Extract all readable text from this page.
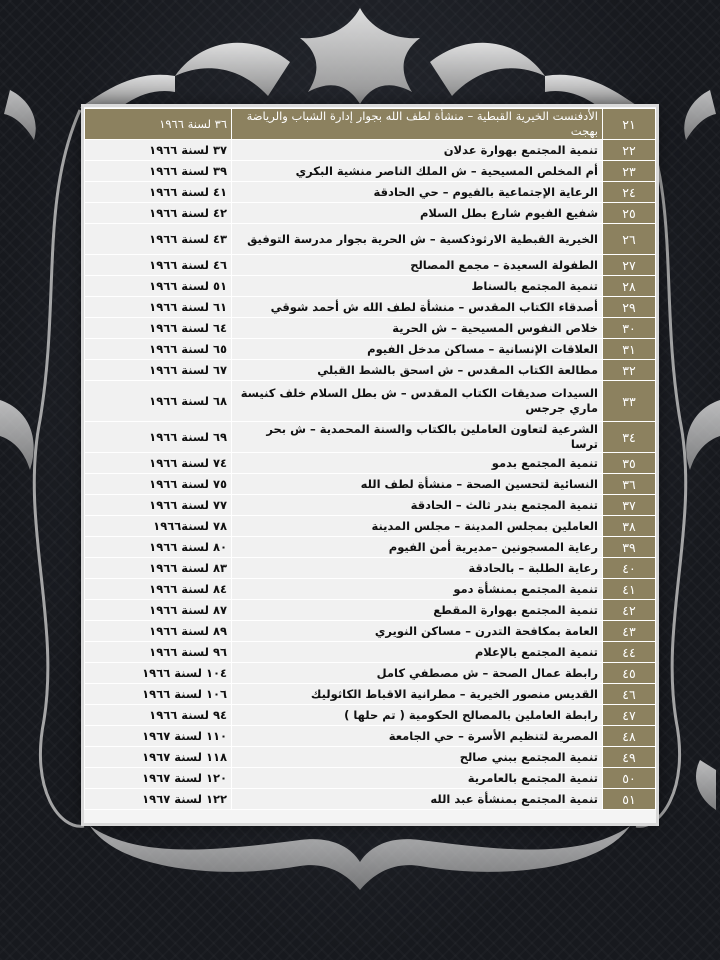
٢١	الأدفنست الخيرية القبطية – منشأة لطف الله بجوار إدارة الشباب والرياضة بهجت	٣٦ لسنة ١٩٦٦
٢٢	تنمية المجتمع بهوارة عدلان	٣٧ لسنة ١٩٦٦
٢٣	أم المخلص المسيحية – ش الملك الناصر منشية البكري	٣٩ لسنة ١٩٦٦
٢٤	الرعاية الإجتماعية بالفيوم – حي الحادقة	٤١ لسنة ١٩٦٦
٢٥	شفيع الفيوم شارع بطل السلام	٤٢ لسنة ١٩٦٦
٢٦	الخيرية القبطية الارثوذكسية – ش الحرية بجوار مدرسة التوفيق	٤٣ لسنة ١٩٦٦
٢٧	الطفولة السعيدة – مجمع المصالح	٤٦ لسنة ١٩٦٦
٢٨	تنمية المجتمع بالسناط	٥١ لسنة ١٩٦٦
٢٩	أصدقاء الكتاب المقدس – منشأة لطف الله ش أحمد شوقي	٦١ لسنة ١٩٦٦
٣٠	خلاص النفوس المسيحية – ش الحرية	٦٤ لسنة ١٩٦٦
٣١	العلاقات الإنسانية – مساكن مدخل الفيوم	٦٥ لسنة ١٩٦٦
٣٢	مطالعة الكتاب المقدس – ش اسحق بالشط القبلي	٦٧ لسنة ١٩٦٦
٣٣	السيدات صديقات الكتاب المقدس – ش بطل السلام خلف كنيسة ماري جرجس	٦٨ لسنة ١٩٦٦
٣٤	الشرعية لتعاون العاملين بالكتاب والسنة المحمدية – ش بحر ترسا	٦٩ لسنة ١٩٦٦
٣٥	تنمية المجتمع بدمو	٧٤ لسنة ١٩٦٦
٣٦	النسائية لتحسين الصحة – منشأة لطف الله	٧٥ لسنة ١٩٦٦
٣٧	تنمية المجتمع بندر ثالث – الحادقة	٧٧ لسنة ١٩٦٦
٣٨	العاملين بمجلس المدينة – مجلس المدينة	٧٨ لسنة١٩٦٦
٣٩	رعاية المسجونين –مديرية أمن الفيوم	٨٠ لسنة ١٩٦٦
٤٠	رعاية الطلبة – بالحادقة	٨٣ لسنة ١٩٦٦
٤١	تنمية المجتمع بمنشأة دمو	٨٤ لسنة ١٩٦٦
٤٢	تنمية المجتمع بهوارة المقطع	٨٧ لسنة ١٩٦٦
٤٣	العامة بمكافحة التدرن – مساكن النويري	٨٩ لسنة ١٩٦٦
٤٤	تنمية المجتمع بالإعلام	٩٦ لسنة ١٩٦٦
٤٥	رابطة عمال الصحة – ش مصطفي كامل	١٠٤ لسنة ١٩٦٦
٤٦	القديس منصور الخيرية – مطرانية الاقباط الكاثوليك	١٠٦ لسنة ١٩٦٦
٤٧	رابطة العاملين بالمصالح الحكومية ( تم حلها )	٩٤ لسنة ١٩٦٦
٤٨	المصرية لتنظيم الأسرة – حي الجامعة	١١٠ لسنة ١٩٦٧
٤٩	تنمية المجتمع ببني صالح	١١٨ لسنة ١٩٦٧
٥٠	تنمية المجتمع بالعامرية	١٢٠ لسنة ١٩٦٧
٥١	تنمية المجتمع بمنشأة عبد الله	١٢٢ لسنة ١٩٦٧
